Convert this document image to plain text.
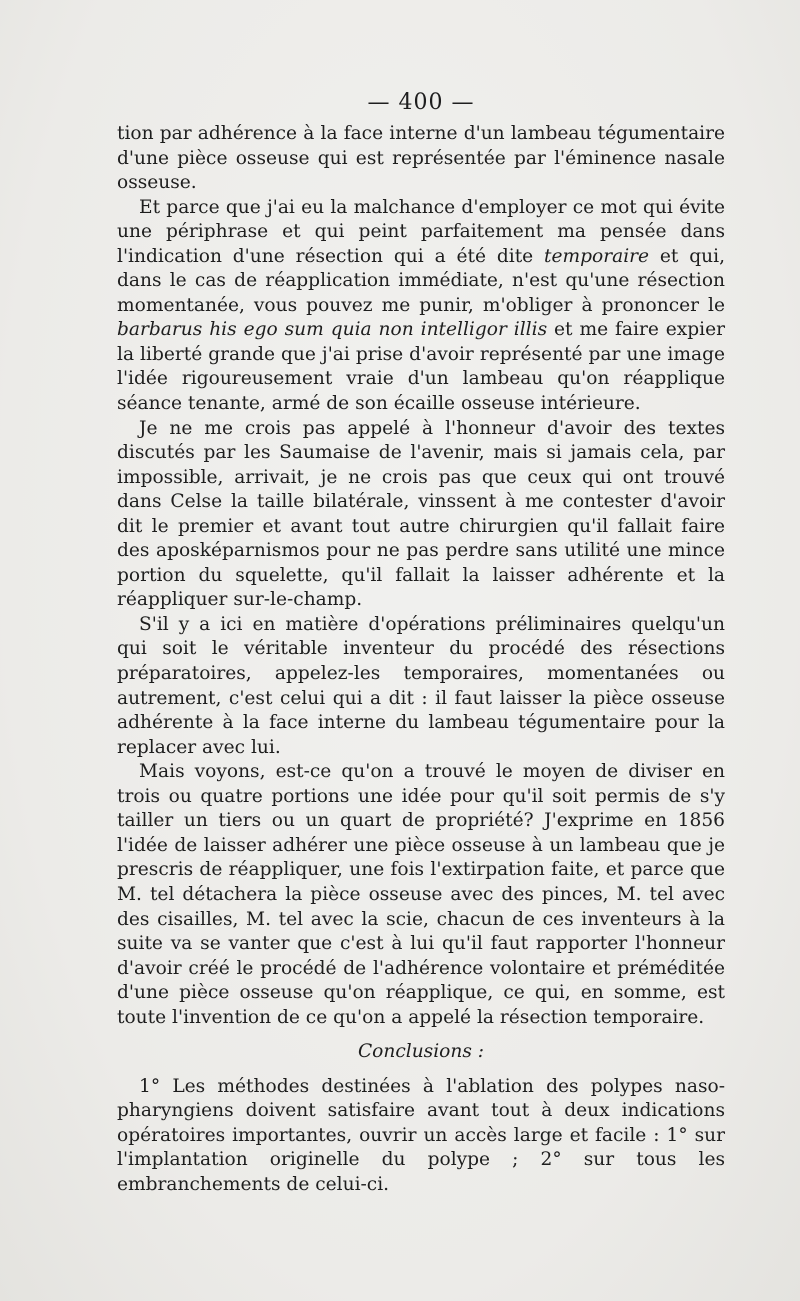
— 400 —

tion par adhérence à la face interne d'un lambeau tégumentaire d'une pièce osseuse qui est représentée par l'éminence nasale osseuse.

Et parce que j'ai eu la malchance d'employer ce mot qui évite une périphrase et qui peint parfaitement ma pensée dans l'indication d'une résection qui a été dite temporaire et qui, dans le cas de réapplication immédiate, n'est qu'une résection momentanée, vous pouvez me punir, m'obliger à prononcer le barbarus his ego sum quia non intelligor illis et me faire expier la liberté grande que j'ai prise d'avoir représenté par une image l'idée rigoureusement vraie d'un lambeau qu'on réapplique séance tenante, armé de son écaille osseuse intérieure.

Je ne me crois pas appelé à l'honneur d'avoir des textes discutés par les Saumaise de l'avenir, mais si jamais cela, par impossible, arrivait, je ne crois pas que ceux qui ont trouvé dans Celse la taille bilatérale, vinssent à me contester d'avoir dit le premier et avant tout autre chirurgien qu'il fallait faire des aposképarnismos pour ne pas perdre sans utilité une mince portion du squelette, qu'il fallait la laisser adhérente et la réappliquer sur-le-champ.

S'il y a ici en matière d'opérations préliminaires quelqu'un qui soit le véritable inventeur du procédé des résections préparatoires, appelez-les temporaires, momentanées ou autrement, c'est celui qui a dit : il faut laisser la pièce osseuse adhérente à la face interne du lambeau tégumentaire pour la replacer avec lui.

Mais voyons, est-ce qu'on a trouvé le moyen de diviser en trois ou quatre portions une idée pour qu'il soit permis de s'y tailler un tiers ou un quart de propriété? J'exprime en 1856 l'idée de laisser adhérer une pièce osseuse à un lambeau que je prescris de réappliquer, une fois l'extirpation faite, et parce que M. tel détachera la pièce osseuse avec des pinces, M. tel avec des cisailles, M. tel avec la scie, chacun de ces inventeurs à la suite va se vanter que c'est à lui qu'il faut rapporter l'honneur d'avoir créé le procédé de l'adhérence volontaire et préméditée d'une pièce osseuse qu'on réapplique, ce qui, en somme, est toute l'invention de ce qu'on a appelé la résection temporaire.

Conclusions :

1° Les méthodes destinées à l'ablation des polypes naso-pharyngiens doivent satisfaire avant tout à deux indications opératoires importantes, ouvrir un accès large et facile : 1° sur l'implantation originelle du polype ; 2° sur tous les embranchements de celui-ci.
